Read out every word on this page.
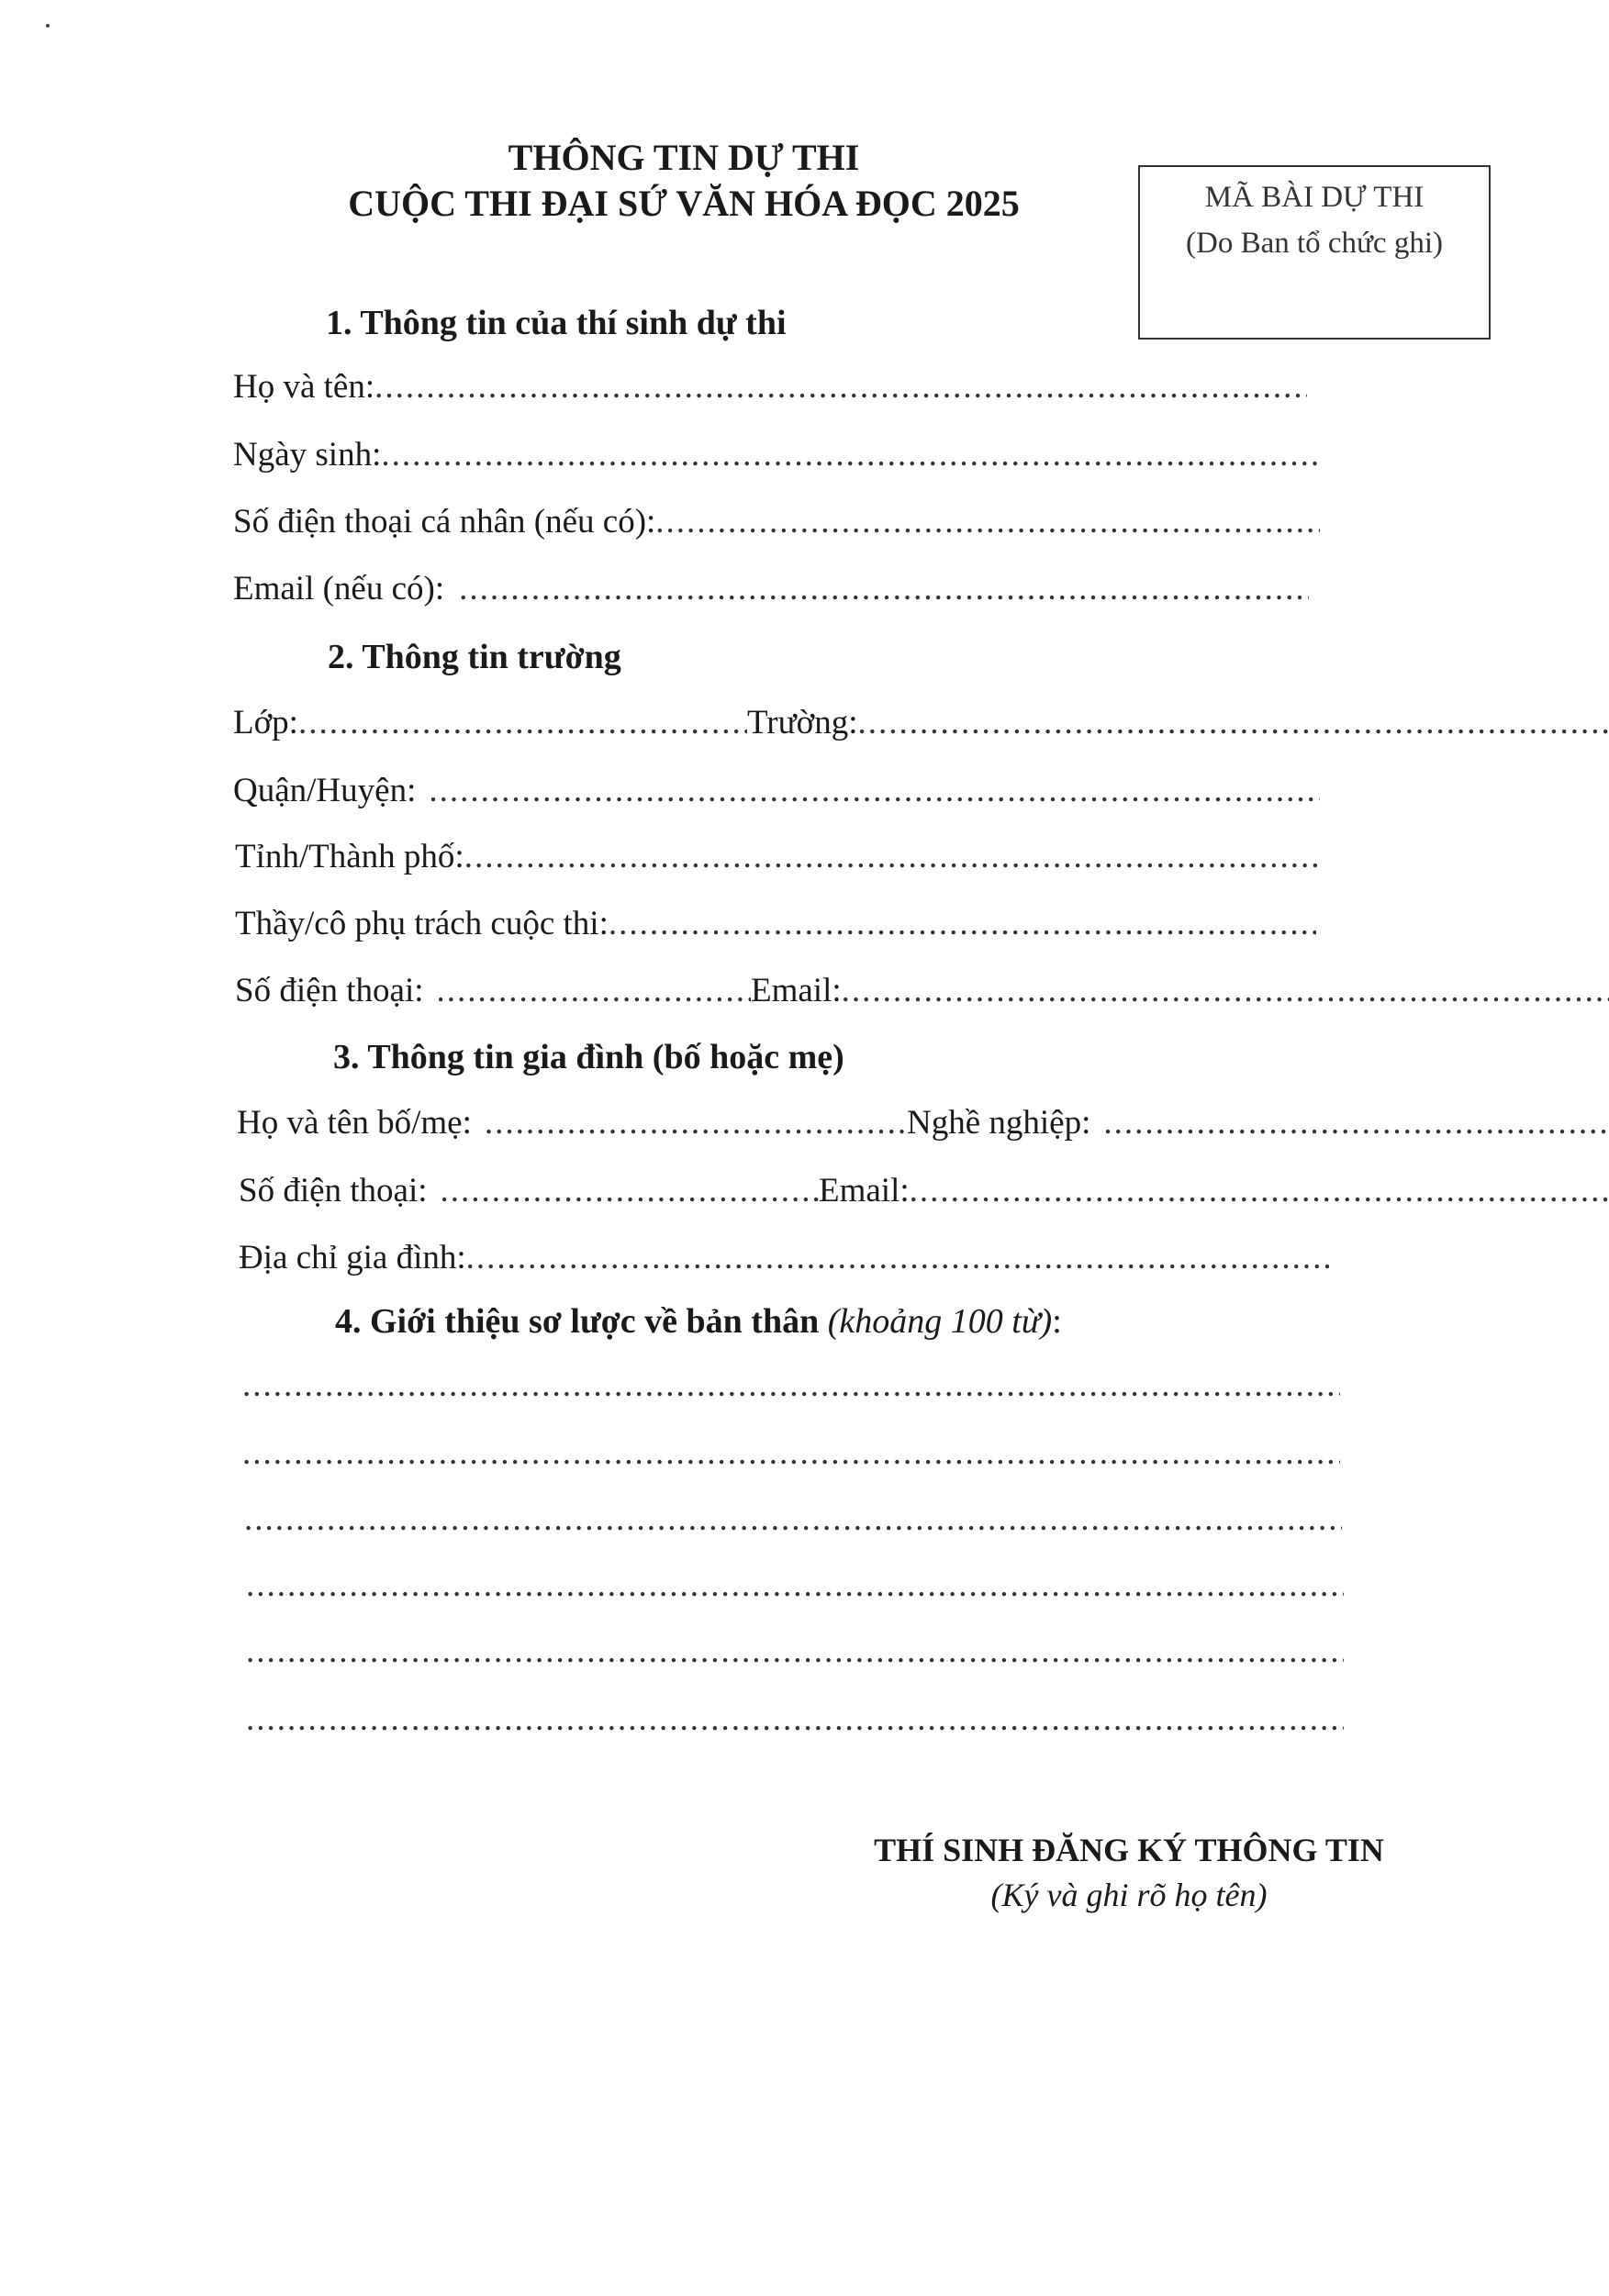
THÔNG TIN DỰ THI
CUỘC THI ĐẠI SỨ VĂN HÓA ĐỌC 2025	MÃ BÀI DỰ THI
(Do Ban tổ chức ghi)
1. Thông tin của thí sinh dự thi
Họ và tên:
.....
Ngày sinh:
.....
Số điện thoại cá nhân (nếu có):
.....
Email (nếu có):
.....
2. Thông tin trường
Lớp: .....	Trường:
.....
Quận/Huyện:
.....
Tỉnh/Thành phố:
.....
Thầy/cô phụ trách cuộc thi:
.....
Số điện thoại: .....	Email:
.....
3. Thông tin gia đình (bố hoặc mẹ)
Họ và tên bố/mẹ: .....	Nghề nghiệp:
.....
Số điện thoại: .....	Email:
.....
Địa chỉ gia đình:
.....
4. Giới thiệu sơ lược về bản thân (khoảng 100 từ):
.....
.....
.....
.....
.....
.....
THÍ SINH ĐĂNG KÝ THÔNG TIN
(Ký và ghi rõ họ tên)
